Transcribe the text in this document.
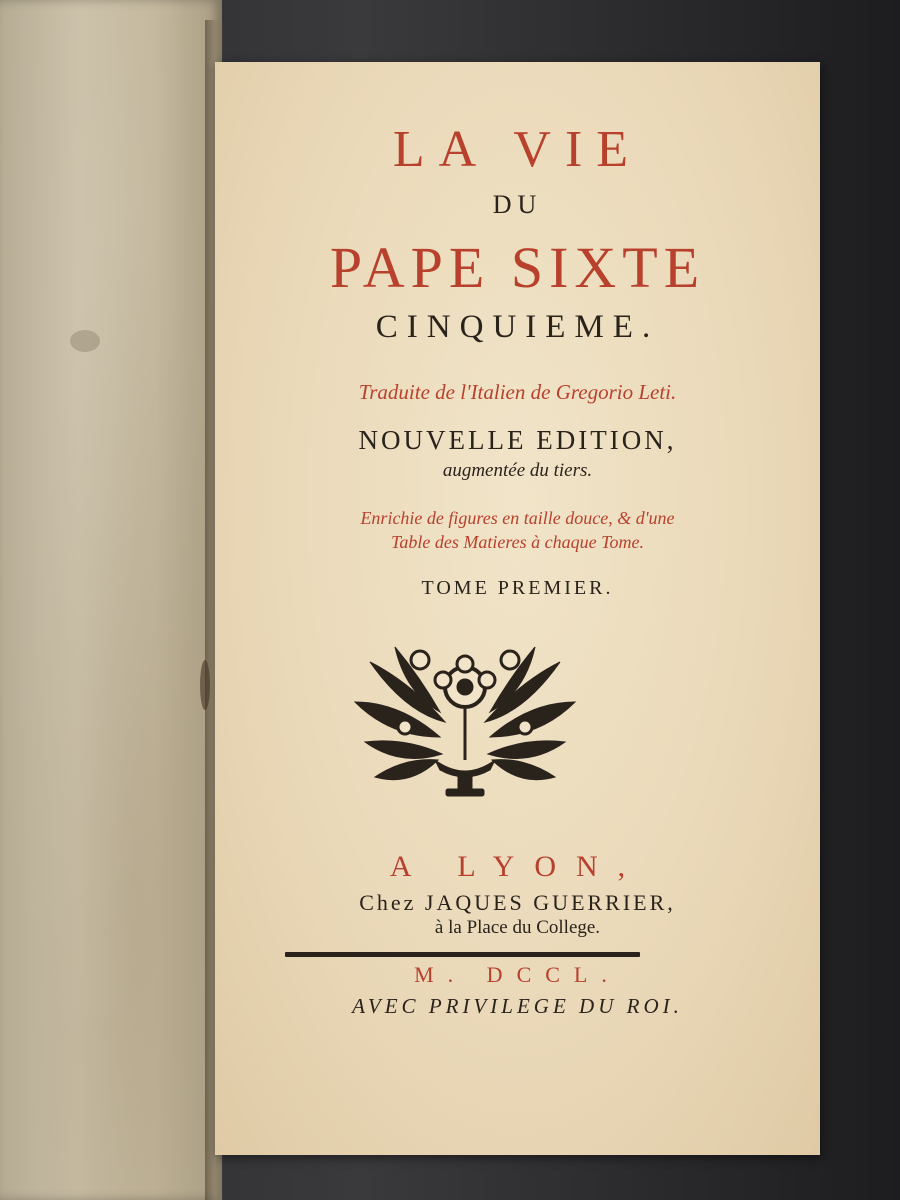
LA VIE
DU
PAPE SIXTE
CINQUIEME.
Traduite de l'Italien de Gregorio Leti.
NOUVELLE EDITION,
augmentée du tiers.
Enrichie de figures en taille douce, & d'une
Table des Matieres à chaque Tome.
TOME PREMIER.
A LYON,
Chez JAQUES GUERRIER,
à la Place du College.
M. DCCL.
AVEC PRIVILEGE DU ROI.
